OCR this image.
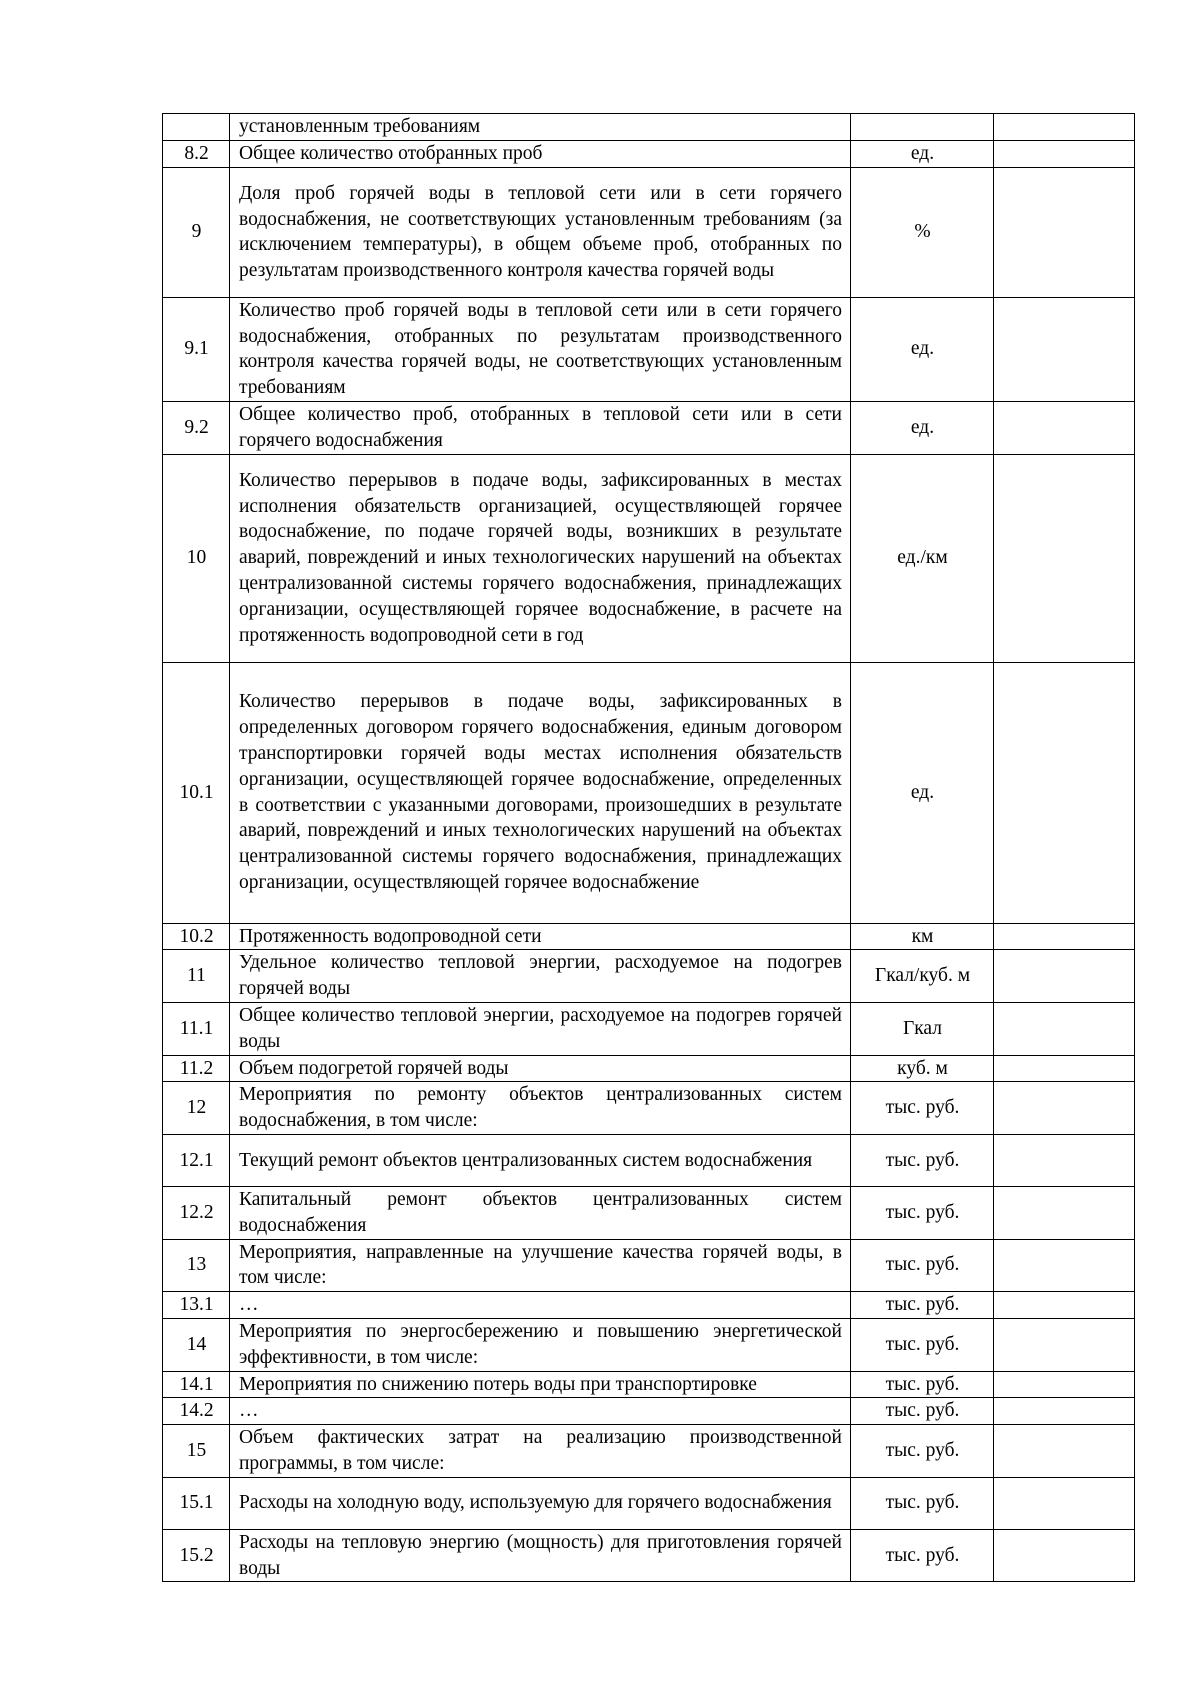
	установленным требованиям		
8.2	Общее количество отобранных проб	ед.	
9	Доля проб горячей воды в тепловой сети или в сети горячего водоснабжения, не соответствующих установленным требованиям (за исключением температуры), в общем объеме проб, отобранных по результатам производственного контроля качества горячей воды	%	
9.1	Количество проб горячей воды в тепловой сети или в сети горячего водоснабжения, отобранных по результатам производственного контроля качества горячей воды, не соответствующих установленным требованиям	ед.	
9.2	Общее количество проб, отобранных в тепловой сети или в сети горячего водоснабжения	ед.	
10	Количество перерывов в подаче воды, зафиксированных в местах исполнения обязательств организацией, осуществляющей горячее водоснабжение, по подаче горячей воды, возникших в результате аварий, повреждений и иных технологических нарушений на объектах централизованной системы горячего водоснабжения, принадлежащих организации, осуществляющей горячее водоснабжение, в расчете на протяженность водопроводной сети в год	ед./км	
10.1	Количество перерывов в подаче воды, зафиксированных в определенных договором горячего водоснабжения, единым договором транспортировки горячей воды местах исполнения обязательств организации, осуществляющей горячее водоснабжение, определенных в соответствии с указанными договорами, произошедших в результате аварий, повреждений и иных технологических нарушений на объектах централизованной системы горячего водоснабжения, принадлежащих организации, осуществляющей горячее водоснабжение	ед.	
10.2	Протяженность водопроводной сети	км	
11	Удельное количество тепловой энергии, расходуемое на подогрев горячей воды	Гкал/куб. м	
11.1	Общее количество тепловой энергии, расходуемое на подогрев горячей воды	Гкал	
11.2	Объем подогретой горячей воды	куб. м	
12	Мероприятия по ремонту объектов централизованных систем водоснабжения, в том числе:	тыс. руб.	
12.1	Текущий ремонт объектов централизованных систем водоснабжения	тыс. руб.	
12.2	Капитальный ремонт объектов централизованных систем водоснабжения	тыс. руб.	
13	Мероприятия, направленные на улучшение качества горячей воды, в том числе:	тыс. руб.	
13.1	…	тыс. руб.	
14	Мероприятия по энергосбережению и повышению энергетической эффективности, в том числе:	тыс. руб.	
14.1	Мероприятия по снижению потерь воды при транспортировке	тыс. руб.	
14.2	…	тыс. руб.	
15	Объем фактических затрат на реализацию производственной программы, в том числе:	тыс. руб.	
15.1	Расходы на холодную воду, используемую для горячего водоснабжения	тыс. руб.	
15.2	Расходы на тепловую энергию (мощность) для приготовления горячей воды	тыс. руб.	
